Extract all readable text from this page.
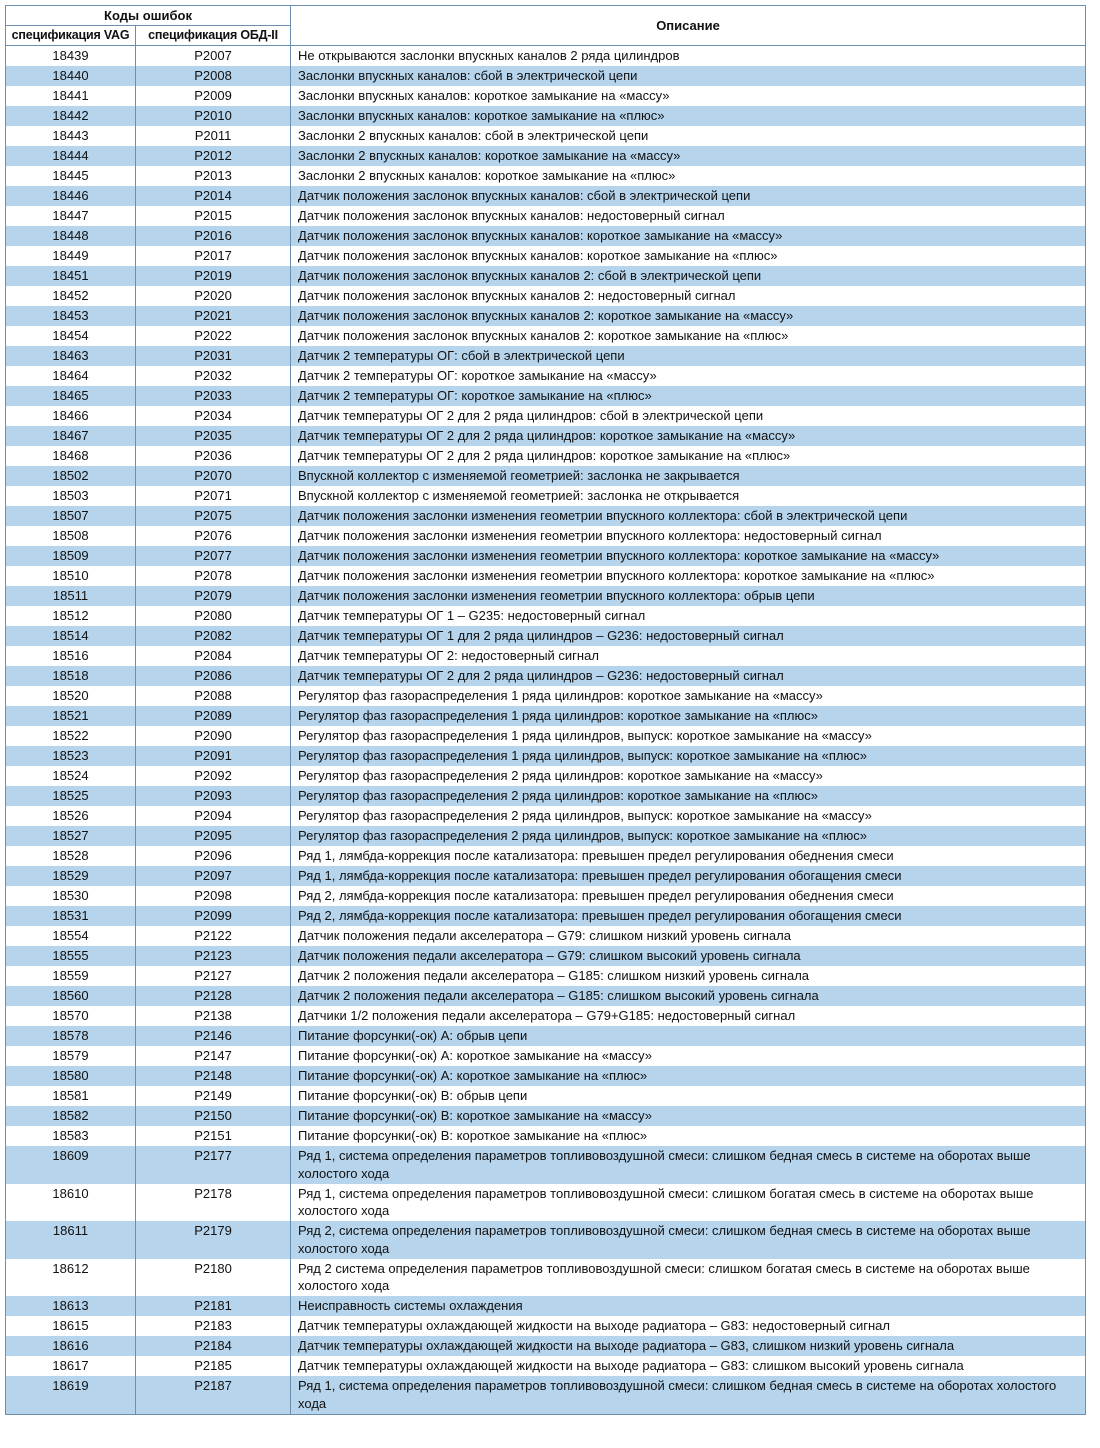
Коды ошибок		Описание
спецификация VAG	спецификация ОБД-II	
18439	P2007	Не открываются заслонки впускных каналов 2 ряда цилиндров
18440	P2008	Заслонки впускных каналов: сбой в электрической цепи
18441	P2009	Заслонки впускных каналов: короткое замыкание на «массу»
18442	P2010	Заслонки впускных каналов: короткое замыкание на «плюс»
18443	P2011	Заслонки 2 впускных каналов: сбой в электрической цепи
18444	P2012	Заслонки 2 впускных каналов: короткое замыкание на «массу»
18445	P2013	Заслонки 2 впускных каналов: короткое замыкание на «плюс»
18446	P2014	Датчик положения заслонок впускных каналов: сбой в электрической цепи
18447	P2015	Датчик положения заслонок впускных каналов: недостоверный сигнал
18448	P2016	Датчик положения заслонок впускных каналов: короткое замыкание на «массу»
18449	P2017	Датчик положения заслонок впускных каналов: короткое замыкание на «плюс»
18451	P2019	Датчик положения заслонок впускных каналов 2: сбой в электрической цепи
18452	P2020	Датчик положения заслонок впускных каналов 2: недостоверный сигнал
18453	P2021	Датчик положения заслонок впускных каналов 2: короткое замыкание на «массу»
18454	P2022	Датчик положения заслонок впускных каналов 2: короткое замыкание на «плюс»
18463	P2031	Датчик 2 температуры ОГ: сбой в электрической цепи
18464	P2032	Датчик 2 температуры ОГ: короткое замыкание на «массу»
18465	P2033	Датчик 2 температуры ОГ: короткое замыкание на «плюс»
18466	P2034	Датчик температуры ОГ 2 для 2 ряда цилиндров: сбой в электрической цепи
18467	P2035	Датчик температуры ОГ 2 для 2 ряда цилиндров: короткое замыкание на «массу»
18468	P2036	Датчик температуры ОГ 2 для 2 ряда цилиндров: короткое замыкание на «плюс»
18502	P2070	Впускной коллектор с изменяемой геометрией: заслонка не закрывается
18503	P2071	Впускной коллектор с изменяемой геометрией: заслонка не открывается
18507	P2075	Датчик положения заслонки изменения геометрии впускного коллектора: сбой в электрической цепи
18508	P2076	Датчик положения заслонки изменения геометрии впускного коллектора: недостоверный сигнал
18509	P2077	Датчик положения заслонки изменения геометрии впускного коллектора: короткое замыкание на «массу»
18510	P2078	Датчик положения заслонки изменения геометрии впускного коллектора: короткое замыкание на «плюс»
18511	P2079	Датчик положения заслонки изменения геометрии впускного коллектора: обрыв цепи
18512	P2080	Датчик температуры ОГ 1 – G235: недостоверный сигнал
18514	P2082	Датчик температуры ОГ 1 для 2 ряда цилиндров – G236: недостоверный сигнал
18516	P2084	Датчик температуры ОГ 2: недостоверный сигнал
18518	P2086	Датчик температуры ОГ 2 для 2 ряда цилиндров – G236: недостоверный сигнал
18520	P2088	Регулятор фаз газораспределения 1 ряда цилиндров: короткое замыкание на «массу»
18521	P2089	Регулятор фаз газораспределения 1 ряда цилиндров: короткое замыкание на «плюс»
18522	P2090	Регулятор фаз газораспределения 1 ряда цилиндров, выпуск: короткое замыкание на «массу»
18523	P2091	Регулятор фаз газораспределения 1 ряда цилиндров, выпуск: короткое замыкание на «плюс»
18524	P2092	Регулятор фаз газораспределения 2 ряда цилиндров: короткое замыкание на «массу»
18525	P2093	Регулятор фаз газораспределения 2 ряда цилиндров: короткое замыкание на «плюс»
18526	P2094	Регулятор фаз газораспределения 2 ряда цилиндров, выпуск: короткое замыкание на «массу»
18527	P2095	Регулятор фаз газораспределения 2 ряда цилиндров, выпуск: короткое замыкание на «плюс»
18528	P2096	Ряд 1, лямбда-коррекция после катализатора: превышен предел регулирования обеднения смеси
18529	P2097	Ряд 1, лямбда-коррекция после катализатора: превышен предел регулирования обогащения смеси
18530	P2098	Ряд 2, лямбда-коррекция после катализатора: превышен предел регулирования обеднения смеси
18531	P2099	Ряд 2, лямбда-коррекция после катализатора: превышен предел регулирования обогащения смеси
18554	P2122	Датчик положения педали акселератора – G79: слишком низкий уровень сигнала
18555	P2123	Датчик положения педали акселератора – G79: слишком высокий уровень сигнала
18559	P2127	Датчик 2 положения педали акселератора – G185: слишком низкий уровень сигнала
18560	P2128	Датчик 2 положения педали акселератора – G185: слишком высокий уровень сигнала
18570	P2138	Датчики 1/2 положения педали акселератора – G79+G185: недостоверный сигнал
18578	P2146	Питание форсунки(-ок) А: обрыв цепи
18579	P2147	Питание форсунки(-ок) А: короткое замыкание на «массу»
18580	P2148	Питание форсунки(-ок) А: короткое замыкание на «плюс»
18581	P2149	Питание форсунки(-ок) В: обрыв цепи
18582	P2150	Питание форсунки(-ок) В: короткое замыкание на «массу»
18583	P2151	Питание форсунки(-ок) В: короткое замыкание на «плюс»
18609	P2177	Ряд 1, система определения параметров топливовоздушной смеси: слишком бедная смесь в системе на оборотах выше холостого хода
18610	P2178	Ряд 1, система определения параметров топливовоздушной смеси: слишком богатая смесь в системе на оборотах выше холостого хода
18611	P2179	Ряд 2, система определения параметров топливовоздушной смеси: слишком бедная смесь в системе на оборотах выше холостого хода
18612	P2180	Ряд 2 система определения параметров топливовоздушной смеси: слишком богатая смесь в системе на оборотах выше холостого хода
18613	P2181	Неисправность системы охлаждения
18615	P2183	Датчик температуры охлаждающей жидкости на выходе радиатора – G83: недостоверный сигнал
18616	P2184	Датчик температуры охлаждающей жидкости на выходе радиатора – G83, слишком низкий уровень сигнала
18617	P2185	Датчик температуры охлаждающей жидкости на выходе радиатора – G83: слишком высокий уровень сигнала
18619	P2187	Ряд 1, система определения параметров топливовоздушной смеси: слишком бедная смесь в системе на оборотах холостого хода
